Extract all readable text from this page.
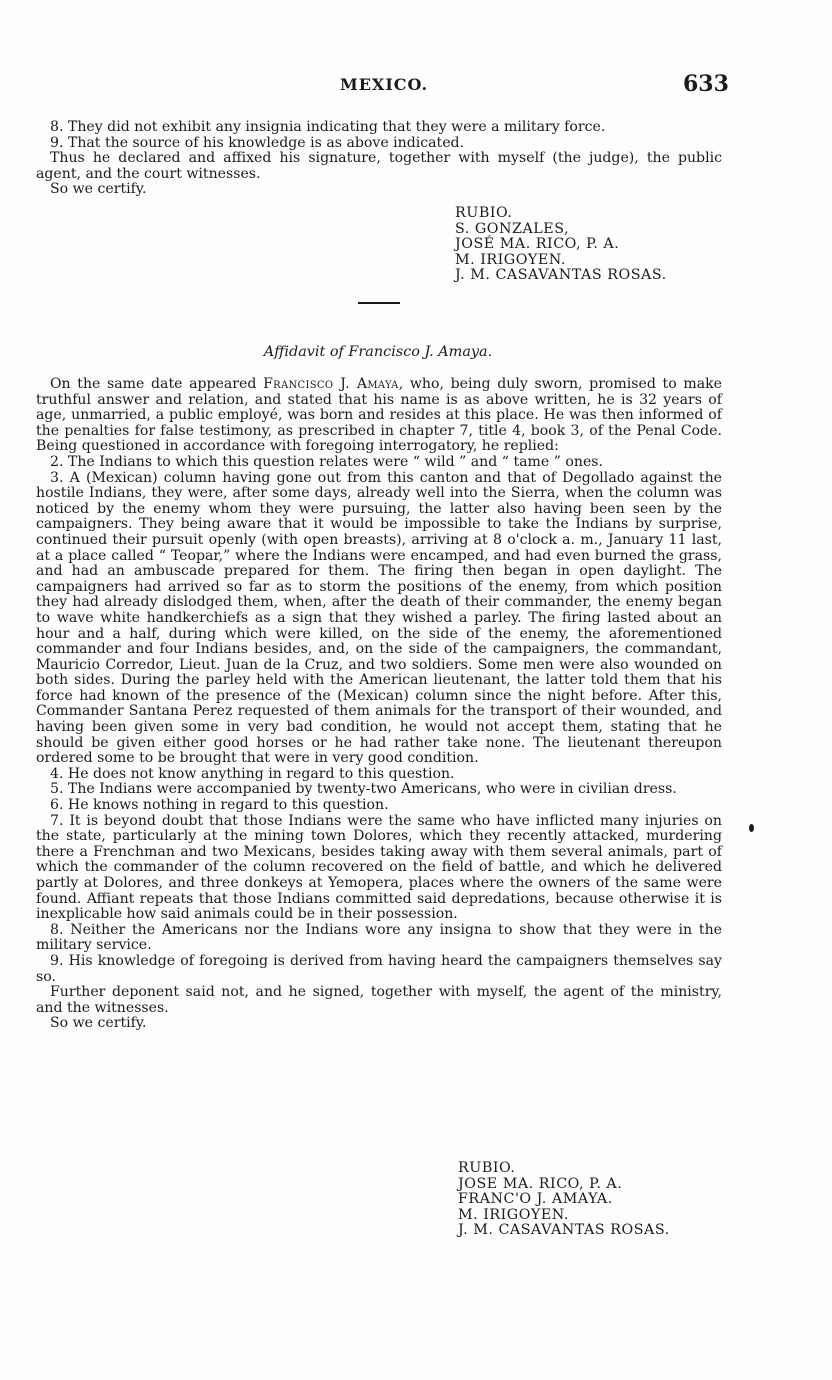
MEXICO.	633

8. They did not exhibit any insignia indicating that they were a military force.

9. That the source of his knowledge is as above indicated.

Thus he declared and affixed his signature, together with myself (the judge), the public agent, and the court witnesses.

So we certify.

RUBIO.
S. GONZALES,
JOSÉ MA. RICO, P. A.
M. IRIGOYEN.
J. M. CASAVANTAS ROSAS.
Affidavit of Francisco J. Amaya.

On the same date appeared Francisco J. Amaya, who, being duly sworn, promised to make truthful answer and relation, and stated that his name is as above written, he is 32 years of age, unmarried, a public employé, was born and resides at this place. He was then informed of the penalties for false testimony, as prescribed in chapter 7, title 4, book 3, of the Penal Code. Being questioned in accordance with foregoing interrogatory, he replied:

2. The Indians to which this question relates were “ wild ” and “ tame ” ones.

3. A (Mexican) column having gone out from this canton and that of Degollado against the hostile Indians, they were, after some days, already well into the Sierra, when the column was noticed by the enemy whom they were pursuing, the latter also having been seen by the campaigners. They being aware that it would be impossible to take the Indians by surprise, continued their pursuit openly (with open breasts), arriving at 8 o'clock a. m., January 11 last, at a place called “ Teopar,” where the Indians were encamped, and had even burned the grass, and had an ambuscade prepared for them. The firing then began in open daylight. The campaigners had arrived so far as to storm the positions of the enemy, from which position they had already dislodged them, when, after the death of their commander, the enemy began to wave white handkerchiefs as a sign that they wished a parley. The firing lasted about an hour and a half, during which were killed, on the side of the enemy, the aforementioned commander and four Indians besides, and, on the side of the campaigners, the commandant, Mauricio Corredor, Lieut. Juan de la Cruz, and two soldiers. Some men were also wounded on both sides. During the parley held with the American lieutenant, the latter told them that his force had known of the presence of the (Mexican) column since the night before. After this, Commander Santana Perez requested of them animals for the transport of their wounded, and having been given some in very bad condition, he would not accept them, stating that he should be given either good horses or he had rather take none. The lieutenant thereupon ordered some to be brought that were in very good condition.

4. He does not know anything in regard to this question.

5. The Indians were accompanied by twenty-two Americans, who were in civilian dress.

6. He knows nothing in regard to this question.

7. It is beyond doubt that those Indians were the same who have inflicted many injuries on the state, particularly at the mining town Dolores, which they recently attacked, murdering there a Frenchman and two Mexicans, besides taking away with them several animals, part of which the commander of the column recovered on the field of battle, and which he delivered partly at Dolores, and three donkeys at Yemopera, places where the owners of the same were found. Affiant repeats that those Indians committed said depredations, because otherwise it is inexplicable how said animals could be in their possession.

8. Neither the Americans nor the Indians wore any insigna to show that they were in the military service.

9. His knowledge of foregoing is derived from having heard the campaigners themselves say so.

Further deponent said not, and he signed, together with myself, the agent of the ministry, and the witnesses.

So we certify.

RUBIO.
JOSE MA. RICO, P. A.
FRANC'O J. AMAYA.
M. IRIGOYEN.
J. M. CASAVANTAS ROSAS.
